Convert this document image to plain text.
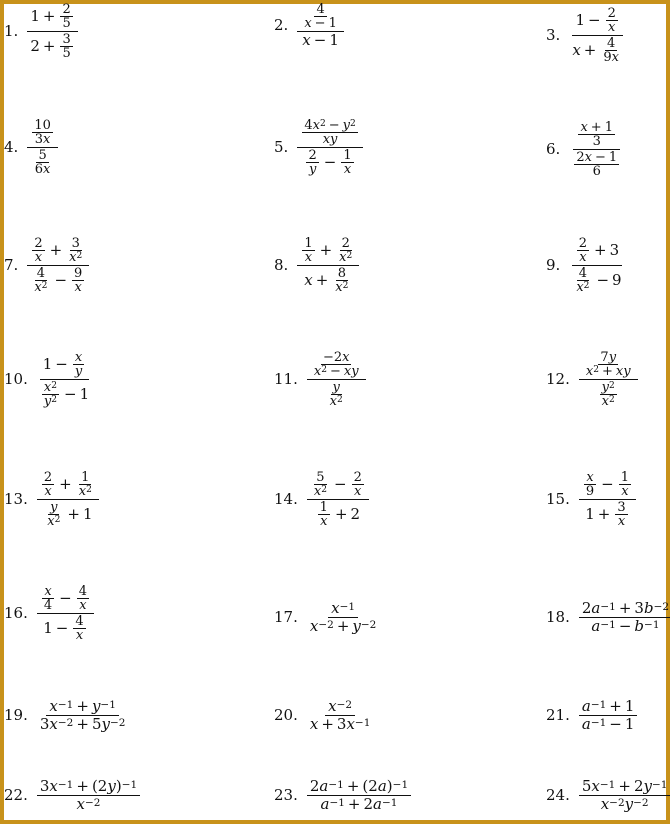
1. $\frac{1 + \frac{2}{5}}{2 + \frac{3}{5}}$	2. $\frac{\frac{4}{x - 1}}{x - 1}$	3. $\frac{1 - \frac{2}{x}}{x + \frac{4}{9 x}}$
4. $\frac{\frac{10}{3 x}}{\frac{5}{6 x}}$	5. $\frac{\frac{4 x^2 - y^2}{xy}}{\frac{2}{y} - \frac{1}{x}}$	6. $\frac{\frac{x + 1}{3}}{\frac{2 x - 1}{6}}$
7. $\frac{\frac{2}{x} + \frac{3}{x^2}}{\frac{4}{x^2} - \frac{9}{x}}$	8. $\frac{\frac{1}{x} + \frac{2}{x^2}}{x + \frac{8}{x^2}}$	9. $\frac{\frac{2}{x} + 3}{\frac{4}{x^2} - 9}$
10. $\frac{1 - \frac{x}{y}}{\frac{x^2}{y^2} - 1}$	11. $\frac{\frac{-2 x}{x^2 - xy}}{\frac{y}{x^2}}$	12. $\frac{\frac{7 y}{x^2 + xy}}{\frac{y^2}{x^2}}$
13. $\frac{\frac{2}{x} + \frac{1}{x^2}}{\frac{y}{x^2} + 1}$	14. $\frac{\frac{5}{x^2} - \frac{2}{x}}{\frac{1}{x} + 2}$	15. $\frac{\frac{x}{9} - \frac{1}{x}}{1 + \frac{3}{x}}$
16. $\frac{\frac{x}{4} - \frac{4}{x}}{1 - \frac{4}{x}}$	17. $\frac{x^{-1}}{x^{-2} + y^{-2}}$	18. $\frac{2 a^{-1} + 3 b^{-2}}{a^{-1} - b^{-1}}$
19. $\frac{x^{-1} + y^{-1}}{3 x^{-2} + 5 y^{-2}}$	20. $\frac{x^{-2}}{x + 3 x^{-1}}$	21. $\frac{a^{-1} + 1}{a^{-1} - 1}$
22. $\frac{3 x^{-1} + (2 y )^{-1}}{x^{-2}}$	23. $\frac{2 a^{-1} + (2 a )^{-1}}{a^{-1} + 2 a^{-1}}$	24. $\frac{5 x^{-1} + 2 y^{-1}}{x^{-2} y^{-2}}$
